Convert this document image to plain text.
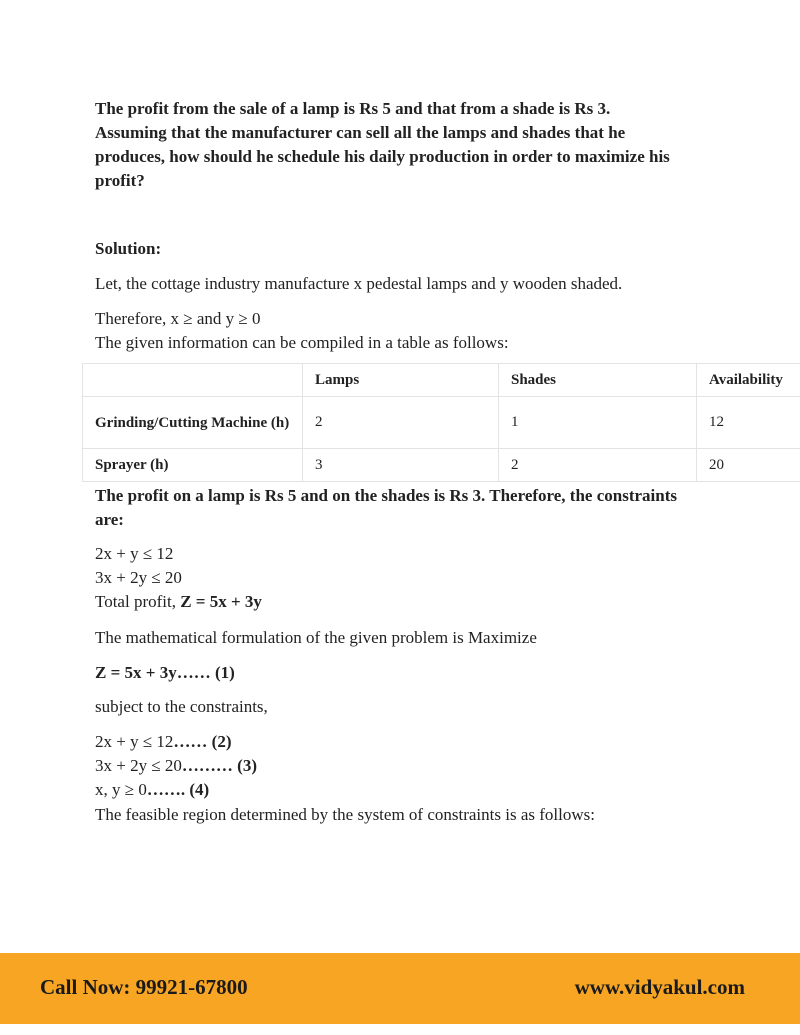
The profit from the sale of a lamp is Rs 5 and that from a shade is Rs 3.

Assuming that the manufacturer can sell all the lamps and shades that he

produces, how should he schedule his daily production in order to maximize his

profit?

Solution:

Let, the cottage industry manufacture x pedestal lamps and y wooden shaded.

Therefore, x ≥ and y ≥ 0

The given information can be compiled in a table as follows:

	Lamps	Shades	Availability
Grinding/Cutting Machine (h)	2	1	12
Sprayer (h)	3	2	20

The profit on a lamp is Rs 5 and on the shades is Rs 3. Therefore, the constraints

are:

2x + y ≤ 12

3x + 2y ≤ 20

Total profit, Z = 5x + 3y

The mathematical formulation of the given problem is Maximize

Z = 5x + 3y…… (1)

subject to the constraints,

2x + y ≤ 12…… (2)

3x + 2y ≤ 20……… (3)

x, y ≥ 0……. (4)

The feasible region determined by the system of constraints is as follows:

Call Now: 99921-67800	www.vidyakul.com
